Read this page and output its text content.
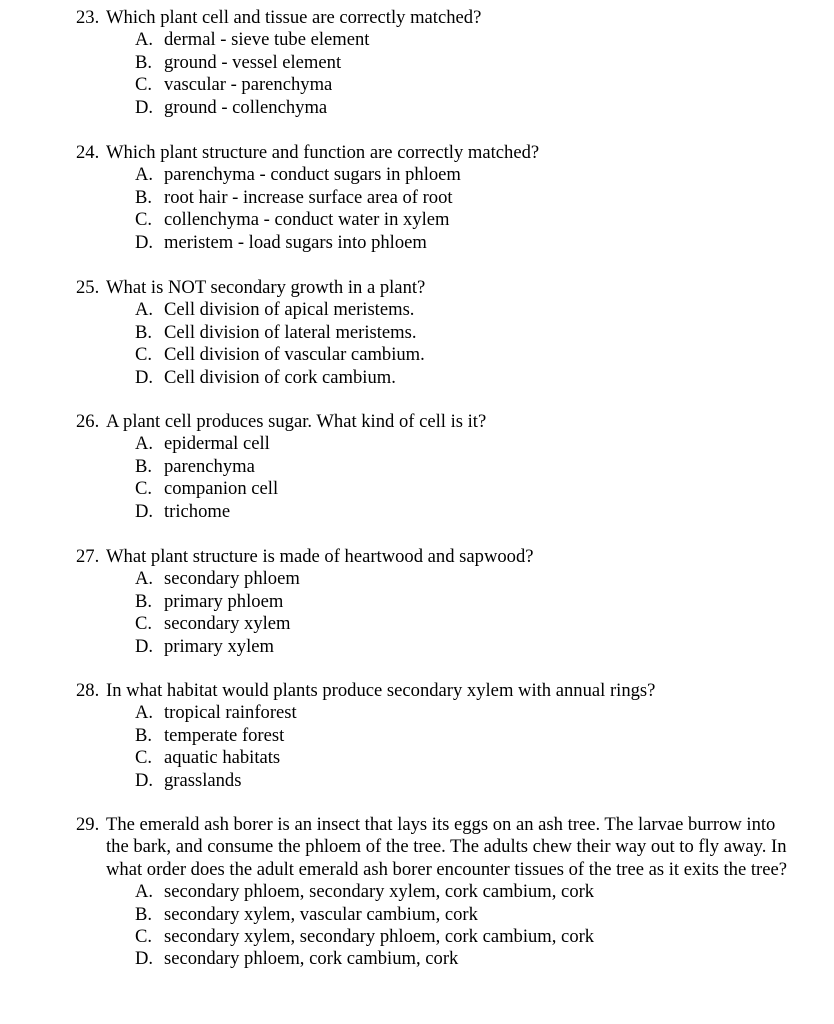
23. Which plant cell and tissue are correctly matched?
A. dermal - sieve tube element
B. ground - vessel element
C. vascular - parenchyma
D. ground - collenchyma
24. Which plant structure and function are correctly matched?
A. parenchyma - conduct sugars in phloem
B. root hair - increase surface area of root
C. collenchyma - conduct water in xylem
D. meristem - load sugars into phloem
25. What is NOT secondary growth in a plant?
A. Cell division of apical meristems.
B. Cell division of lateral meristems.
C. Cell division of vascular cambium.
D. Cell division of cork cambium.
26. A plant cell produces sugar. What kind of cell is it?
A. epidermal cell
B. parenchyma
C. companion cell
D. trichome
27. What plant structure is made of heartwood and sapwood?
A. secondary phloem
B. primary phloem
C. secondary xylem
D. primary xylem
28. In what habitat would plants produce secondary xylem with annual rings?
A. tropical rainforest
B. temperate forest
C. aquatic habitats
D. grasslands
29. The emerald ash borer is an insect that lays its eggs on an ash tree. The larvae burrow into the bark, and consume the phloem of the tree. The adults chew their way out to fly away. In what order does the adult emerald ash borer encounter tissues of the tree as it exits the tree?
A. secondary phloem, secondary xylem, cork cambium, cork
B. secondary xylem, vascular cambium, cork
C. secondary xylem, secondary phloem, cork cambium, cork
D. secondary phloem, cork cambium, cork
